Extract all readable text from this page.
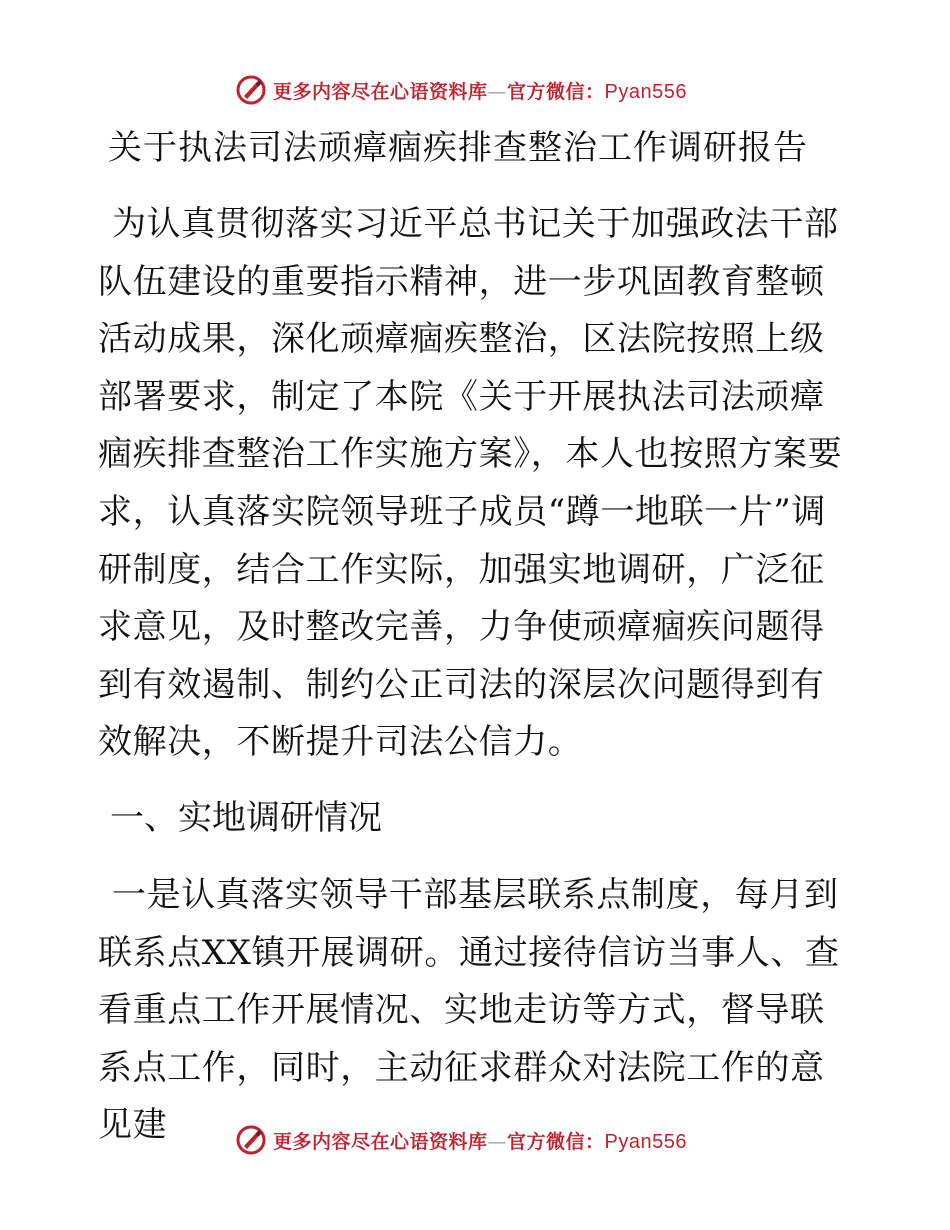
更多内容尽在心语资料库—官方微信：Pyan556
关于执法司法顽瘴痼疾排查整治工作调研报告

为认真贯彻落实习近平总书记关于加强政法干部队伍建设的重要指示精神，进一步巩固教育整顿活动成果，深化顽瘴痼疾整治，区法院按照上级部署要求，制定了本院《关于开展执法司法顽瘴痼疾排查整治工作实施方案》，本人也按照方案要求，认真落实院领导班子成员“蹲一地联一片”调研制度，结合工作实际，加强实地调研，广泛征求意见，及时整改完善，力争使顽瘴痼疾问题得到有效遏制、制约公正司法的深层次问题得到有效解决，不断提升司法公信力。

一、实地调研情况

一是认真落实领导干部基层联系点制度，每月到联系点XX镇开展调研。通过接待信访当事人、查看重点工作开展情况、实地走访等方式，督导联系点工作，同时，主动征求群众对法院工作的意见建	更多内容尽在心语资料库—官方微信：Pyan556
